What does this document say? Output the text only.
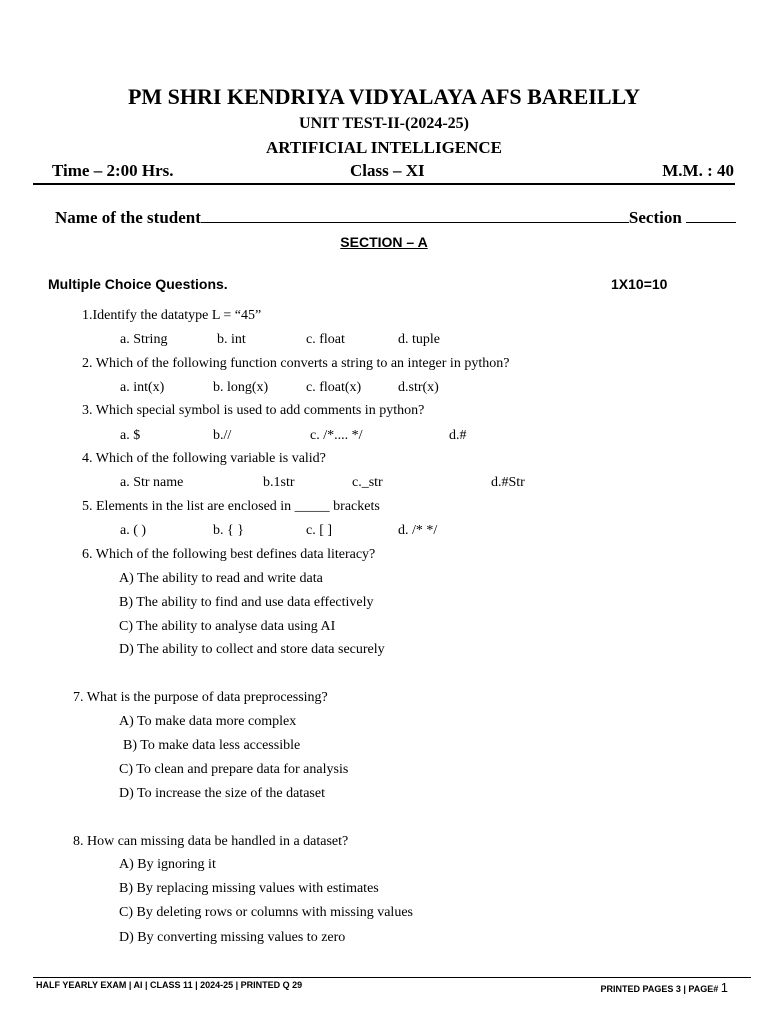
PM SHRI KENDRIYA VIDYALAYA AFS BAREILLY
UNIT TEST-II-(2024-25)
ARTIFICIAL INTELLIGENCE
Time – 2:00 Hrs.	Class – XI	M.M. : 40
Name of the student	Section
SECTION – A
Multiple Choice Questions.	1X10=10
1.Identify the datatype L = “45”
a. String	b. int	c. float	d. tuple
2. Which of the following function converts a string to an integer in python?
a. int(x)	b. long(x)	c. float(x)	d.str(x)
3. Which special symbol is used to add comments in python?
a. $	b.//	c. /*.... */	d.#
4. Which of the following variable is valid?
a. Str name	b.1str	c._str	d.#Str
5. Elements in the list are enclosed in _____ brackets
a. ( )	b. { }	c. [ ]	d. /* */
6. Which of the following best defines data literacy?
A) The ability to read and write data
B) The ability to find and use data effectively
C) The ability to analyse data using AI
D) The ability to collect and store data securely
7. What is the purpose of data preprocessing?
A) To make data more complex
B) To make data less accessible
C) To clean and prepare data for analysis
D) To increase the size of the dataset
8. How can missing data be handled in a dataset?
A) By ignoring it
B) By replacing missing values with estimates
C) By deleting rows or columns with missing values
D) By converting missing values to zero
HALF YEARLY EXAM | AI | CLASS 11 | 2024-25 | PRINTED Q 29	PRINTED PAGES 3 | PAGE# 1
